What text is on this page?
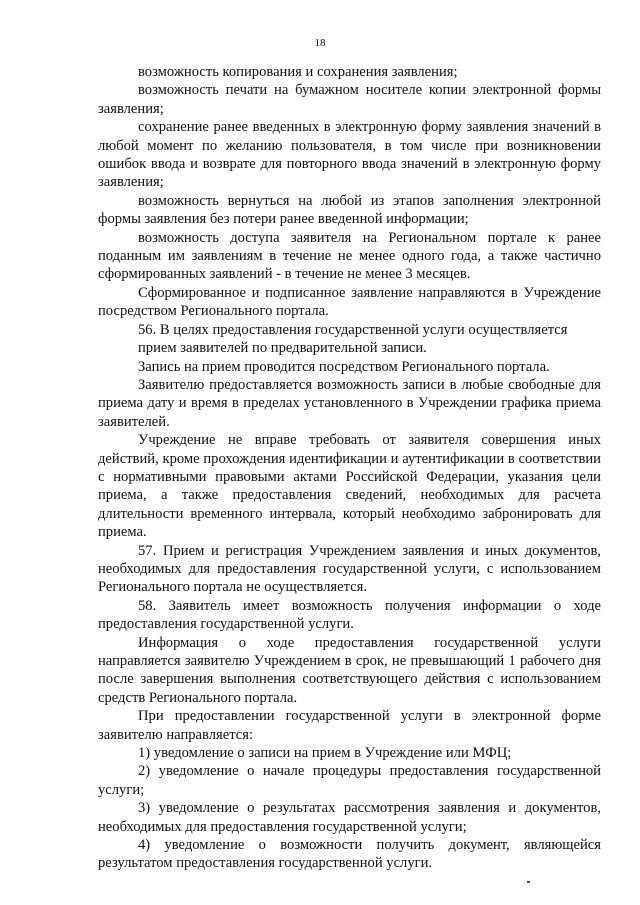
18

возможность копирования и сохранения заявления;

возможность печати на бумажном носителе копии электронной формы заявления;

сохранение ранее введенных в электронную форму заявления значений в любой момент по желанию пользователя, в том числе при возникновении ошибок ввода и возврате для повторного ввода значений в электронную форму заявления;

возможность вернуться на любой из этапов заполнения электронной формы заявления без потери ранее введенной информации;

возможность доступа заявителя на Региональном портале к ранее поданным им заявлениям в течение не менее одного года, а также частично сформированных заявлений - в течение не менее 3 месяцев.

Сформированное и подписанное заявление направляются в Учреждение посредством Регионального портала.

56. В целях предоставления государственной услуги осуществляется

прием заявителей по предварительной записи.

Запись на прием проводится посредством Регионального портала.

Заявителю предоставляется возможность записи в любые свободные для приема дату и время в пределах установленного в Учреждении графика приема заявителей.

Учреждение не вправе требовать от заявителя совершения иных действий, кроме прохождения идентификации и аутентификации в соответствии с нормативными правовыми актами Российской Федерации, указания цели приема, а также предоставления сведений, необходимых для расчета длительности временного интервала, который необходимо забронировать для приема.

57. Прием и регистрация Учреждением заявления и иных документов, необходимых для предоставления государственной услуги, с использованием Регионального портала не осуществляется.

58. Заявитель имеет возможность получения информации о ходе предоставления государственной услуги.

Информация о ходе предоставления государственной услуги направляется заявителю Учреждением в срок, не превышающий 1 рабочего дня после завершения выполнения соответствующего действия с использованием средств Регионального портала.

При предоставлении государственной услуги в электронной форме заявителю направляется:

1) уведомление о записи на прием в Учреждение или МФЦ;

2) уведомление о начале процедуры предоставления государственной услуги;

3) уведомление о результатах рассмотрения заявления и документов, необходимых для предоставления государственной услуги;

4) уведомление о возможности получить документ, являющейся результатом предоставления государственной услуги.
